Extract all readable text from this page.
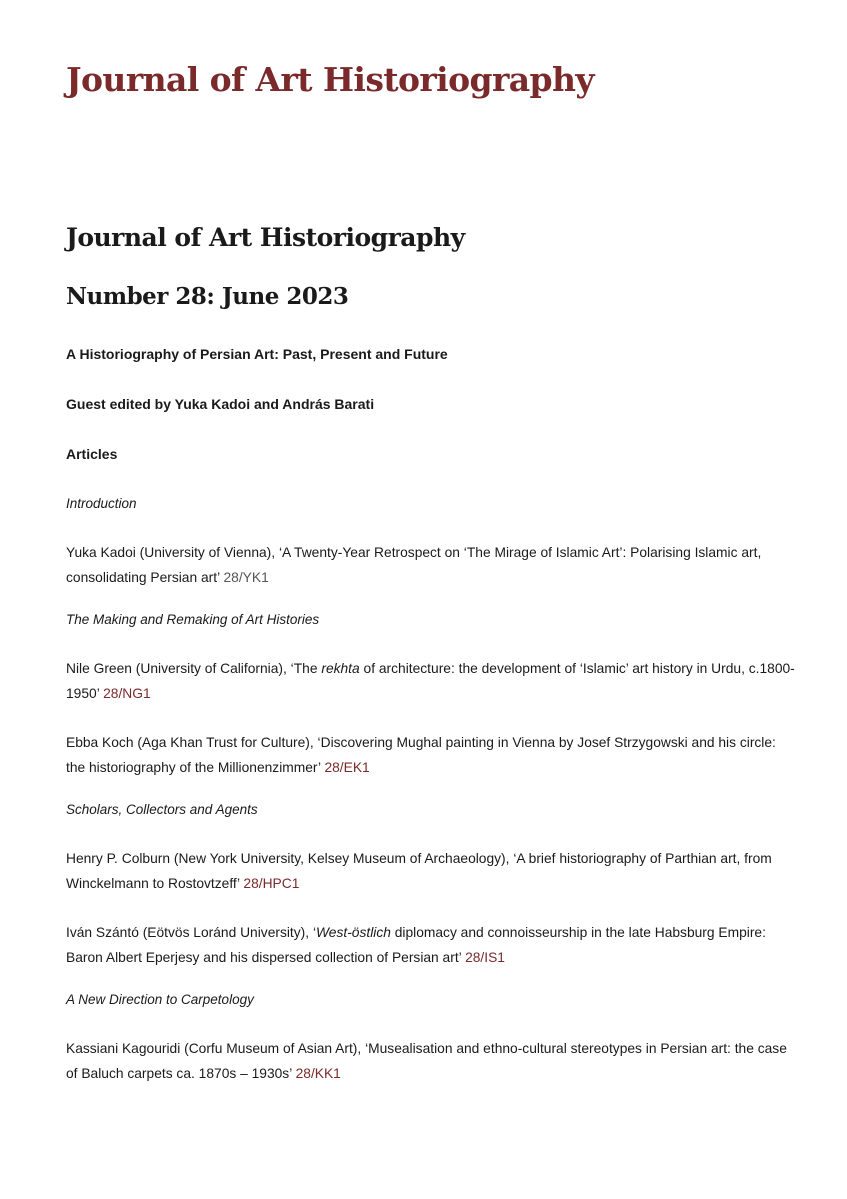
Journal of Art Historiography
Journal of Art Historiography
Number 28: June 2023

A Historiography of Persian Art: Past, Present and Future

Guest edited by Yuka Kadoi and András Barati

Articles

Introduction

Yuka Kadoi (University of Vienna), ‘A Twenty-Year Retrospect on ‘The Mirage of Islamic Art’: Polarising Islamic art, consolidating Persian art’ 28/YK1

The Making and Remaking of Art Histories

Nile Green (University of California), ‘The rekhta of architecture: the development of ‘Islamic’ art history in Urdu, c.1800-1950’ 28/NG1

Ebba Koch (Aga Khan Trust for Culture), ‘Discovering Mughal painting in Vienna by Josef Strzygowski and his circle: the historiography of the Millionenzimmer’ 28/EK1

Scholars, Collectors and Agents

Henry P. Colburn (New York University, Kelsey Museum of Archaeology), ‘A brief historiography of Parthian art, from Winckelmann to Rostovtzeff’ 28/HPC1

Iván Szántó (Eötvös Loránd University), ‘West-östlich diplomacy and connoisseurship in the late Habsburg Empire: Baron Albert Eperjesy and his dispersed collection of Persian art’ 28/IS1

A New Direction to Carpetology

Kassiani Kagouridi (Corfu Museum of Asian Art), ‘Musealisation and ethno-cultural stereotypes in Persian art: the case of Baluch carpets ca. 1870s – 1930s’ 28/KK1
